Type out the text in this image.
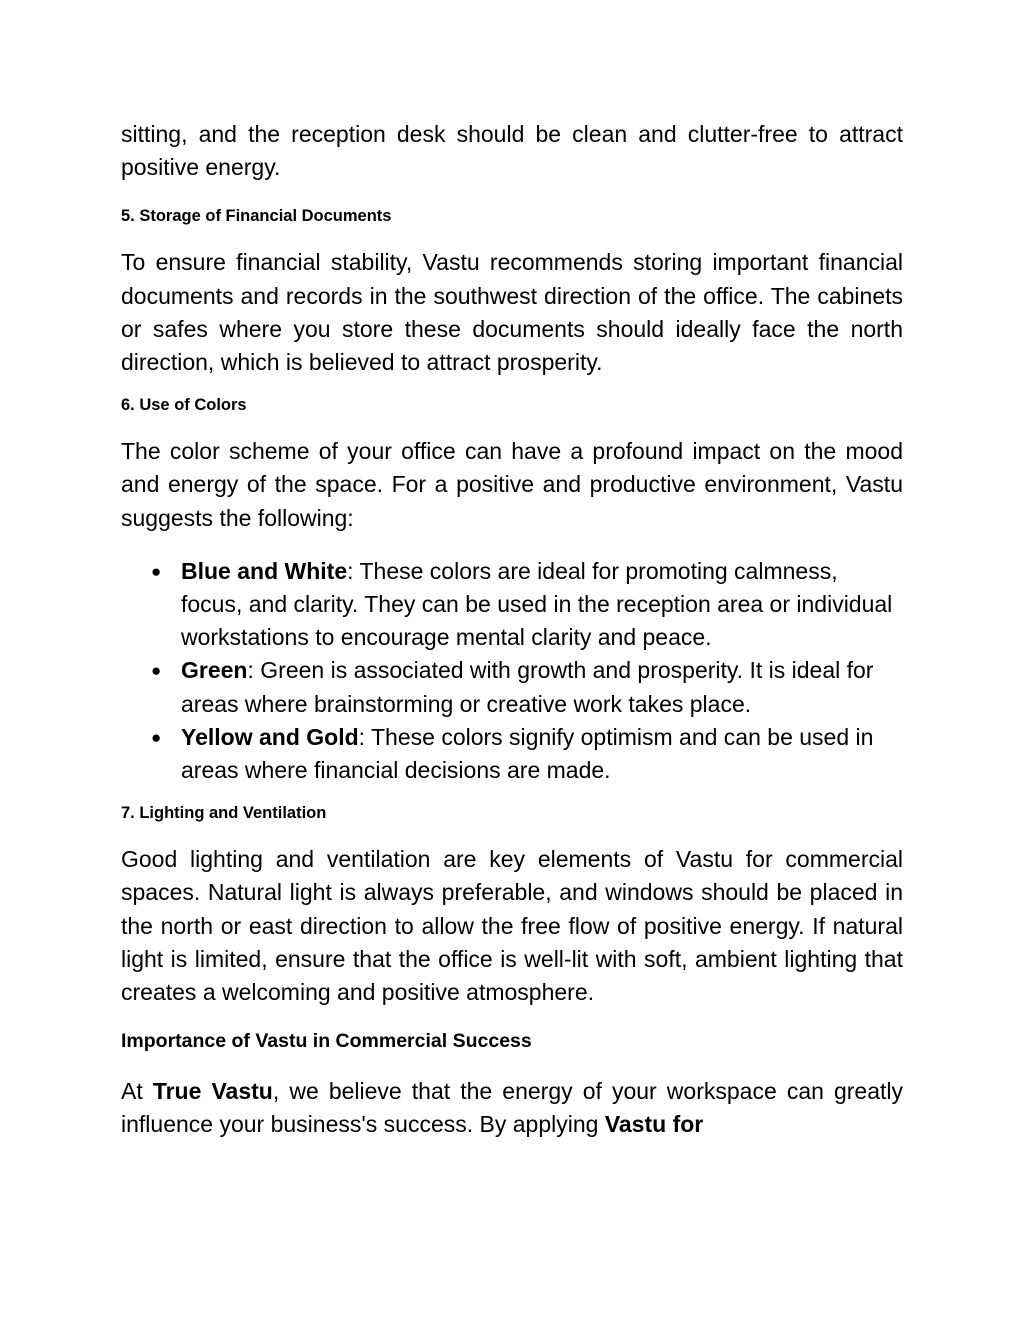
sitting, and the reception desk should be clean and clutter-free to attract positive energy.

5. Storage of Financial Documents

To ensure financial stability, Vastu recommends storing important financial documents and records in the southwest direction of the office. The cabinets or safes where you store these documents should ideally face the north direction, which is believed to attract prosperity.

6. Use of Colors

The color scheme of your office can have a profound impact on the mood and energy of the space. For a positive and productive environment, Vastu suggests the following:

● Blue and White: These colors are ideal for promoting calmness, focus, and clarity. They can be used in the reception area or individual workstations to encourage mental clarity and peace.
● Green: Green is associated with growth and prosperity. It is ideal for areas where brainstorming or creative work takes place.
● Yellow and Gold: These colors signify optimism and can be used in areas where financial decisions are made.
7. Lighting and Ventilation

Good lighting and ventilation are key elements of Vastu for commercial spaces. Natural light is always preferable, and windows should be placed in the north or east direction to allow the free flow of positive energy. If natural light is limited, ensure that the office is well-lit with soft, ambient lighting that creates a welcoming and positive atmosphere.

Importance of Vastu in Commercial Success

At True Vastu, we believe that the energy of your workspace can greatly influence your business's success. By applying Vastu for
